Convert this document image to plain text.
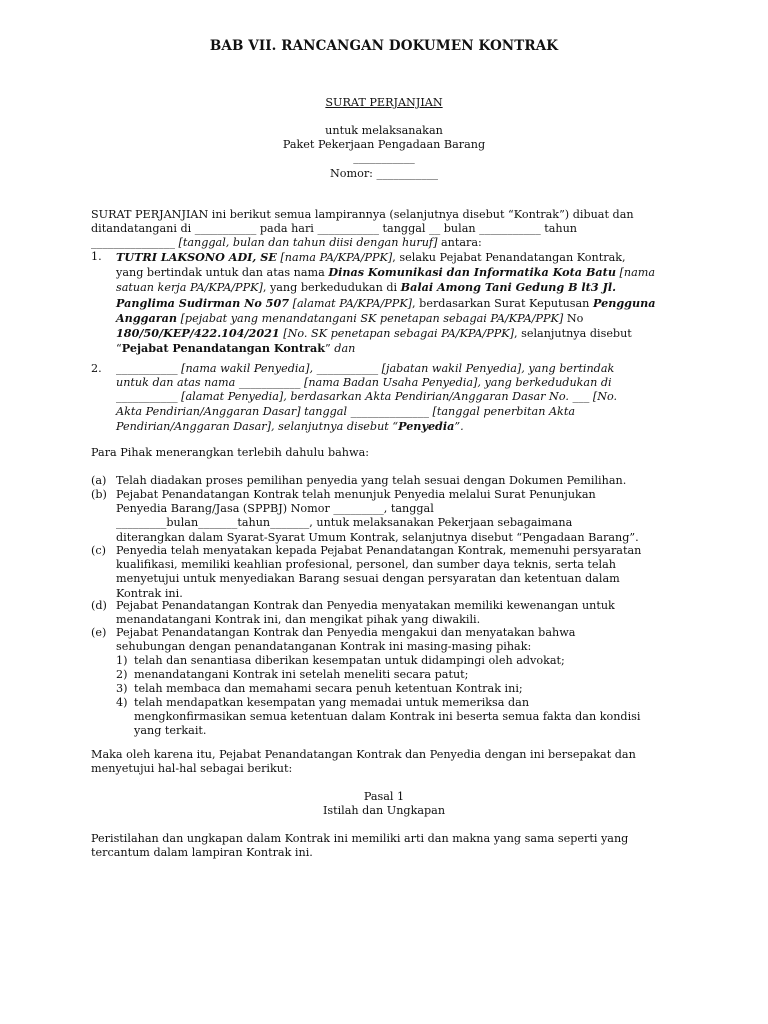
BAB VII. RANCANGAN DOKUMEN KONTRAK
SURAT PERJANJIAN
untuk melaksanakan
Paket Pekerjaan Pengadaan Barang
___________
Nomor: ___________
SURAT PERJANJIAN ini berikut semua lampirannya (selanjutnya disebut “Kontrak”) dibuat dan
ditandatangani di ___________ pada hari ___________ tanggal __ bulan ___________ tahun
_______________ [tanggal, bulan dan tahun diisi dengan huruf] antara:
1. TUTRI LAKSONO ADI, SE [nama PA/KPA/PPK], selaku Pejabat Penandatangan Kontrak,
yang bertindak untuk dan atas nama Dinas Komunikasi dan Informatika Kota Batu [nama
satuan kerja PA/KPA/PPK], yang berkedudukan di Balai Among Tani Gedung B lt3 Jl.
Panglima Sudirman No 507 [alamat PA/KPA/PPK], berdasarkan Surat Keputusan Pengguna
Anggaran [pejabat yang menandatangani SK penetapan sebagai PA/KPA/PPK] No
180/50/KEP/422.104/2021 [No. SK penetapan sebagai PA/KPA/PPK], selanjutnya disebut
“Pejabat Penandatangan Kontrak” dan
2. ___________ [nama wakil Penyedia], ___________ [jabatan wakil Penyedia], yang bertindak
untuk dan atas nama ___________ [nama Badan Usaha Penyedia], yang berkedudukan di
___________ [alamat Penyedia], berdasarkan Akta Pendirian/Anggaran Dasar No. ___ [No.
Akta Pendirian/Anggaran Dasar] tanggal ______________ [tanggal penerbitan Akta
Pendirian/Anggaran Dasar], selanjutnya disebut “Penyedia”.
Para Pihak menerangkan terlebih dahulu bahwa:
(a) Telah diadakan proses pemilihan penyedia yang telah sesuai dengan Dokumen Pemilihan.
(b) Pejabat Penandatangan Kontrak telah menunjuk Penyedia melalui Surat Penunjukan
Penyedia Barang/Jasa (SPPBJ) Nomor _________, tanggal
_________bulan_______tahun_______, untuk melaksanakan Pekerjaan sebagaimana
diterangkan dalam Syarat-Syarat Umum Kontrak, selanjutnya disebut “Pengadaan Barang”.
(c) Penyedia telah menyatakan kepada Pejabat Penandatangan Kontrak, memenuhi persyaratan
kualifikasi, memiliki keahlian profesional, personel, dan sumber daya teknis, serta telah
menyetujui untuk menyediakan Barang sesuai dengan persyaratan dan ketentuan dalam
Kontrak ini.
(d) Pejabat Penandatangan Kontrak dan Penyedia menyatakan memiliki kewenangan untuk
menandatangani Kontrak ini, dan mengikat pihak yang diwakili.
(e) Pejabat Penandatangan Kontrak dan Penyedia mengakui dan menyatakan bahwa
sehubungan dengan penandatanganan Kontrak ini masing-masing pihak:
1) telah dan senantiasa diberikan kesempatan untuk didampingi oleh advokat;
2) menandatangani Kontrak ini setelah meneliti secara patut;
3) telah membaca dan memahami secara penuh ketentuan Kontrak ini;
4) telah mendapatkan kesempatan yang memadai untuk memeriksa dan
mengkonfirmasikan semua ketentuan dalam Kontrak ini beserta semua fakta dan kondisi
yang terkait.
Maka oleh karena itu, Pejabat Penandatangan Kontrak dan Penyedia dengan ini bersepakat dan
menyetujui hal-hal sebagai berikut:
Pasal 1
Istilah dan Ungkapan
Peristilahan dan ungkapan dalam Kontrak ini memiliki arti dan makna yang sama seperti yang
tercantum dalam lampiran Kontrak ini.
